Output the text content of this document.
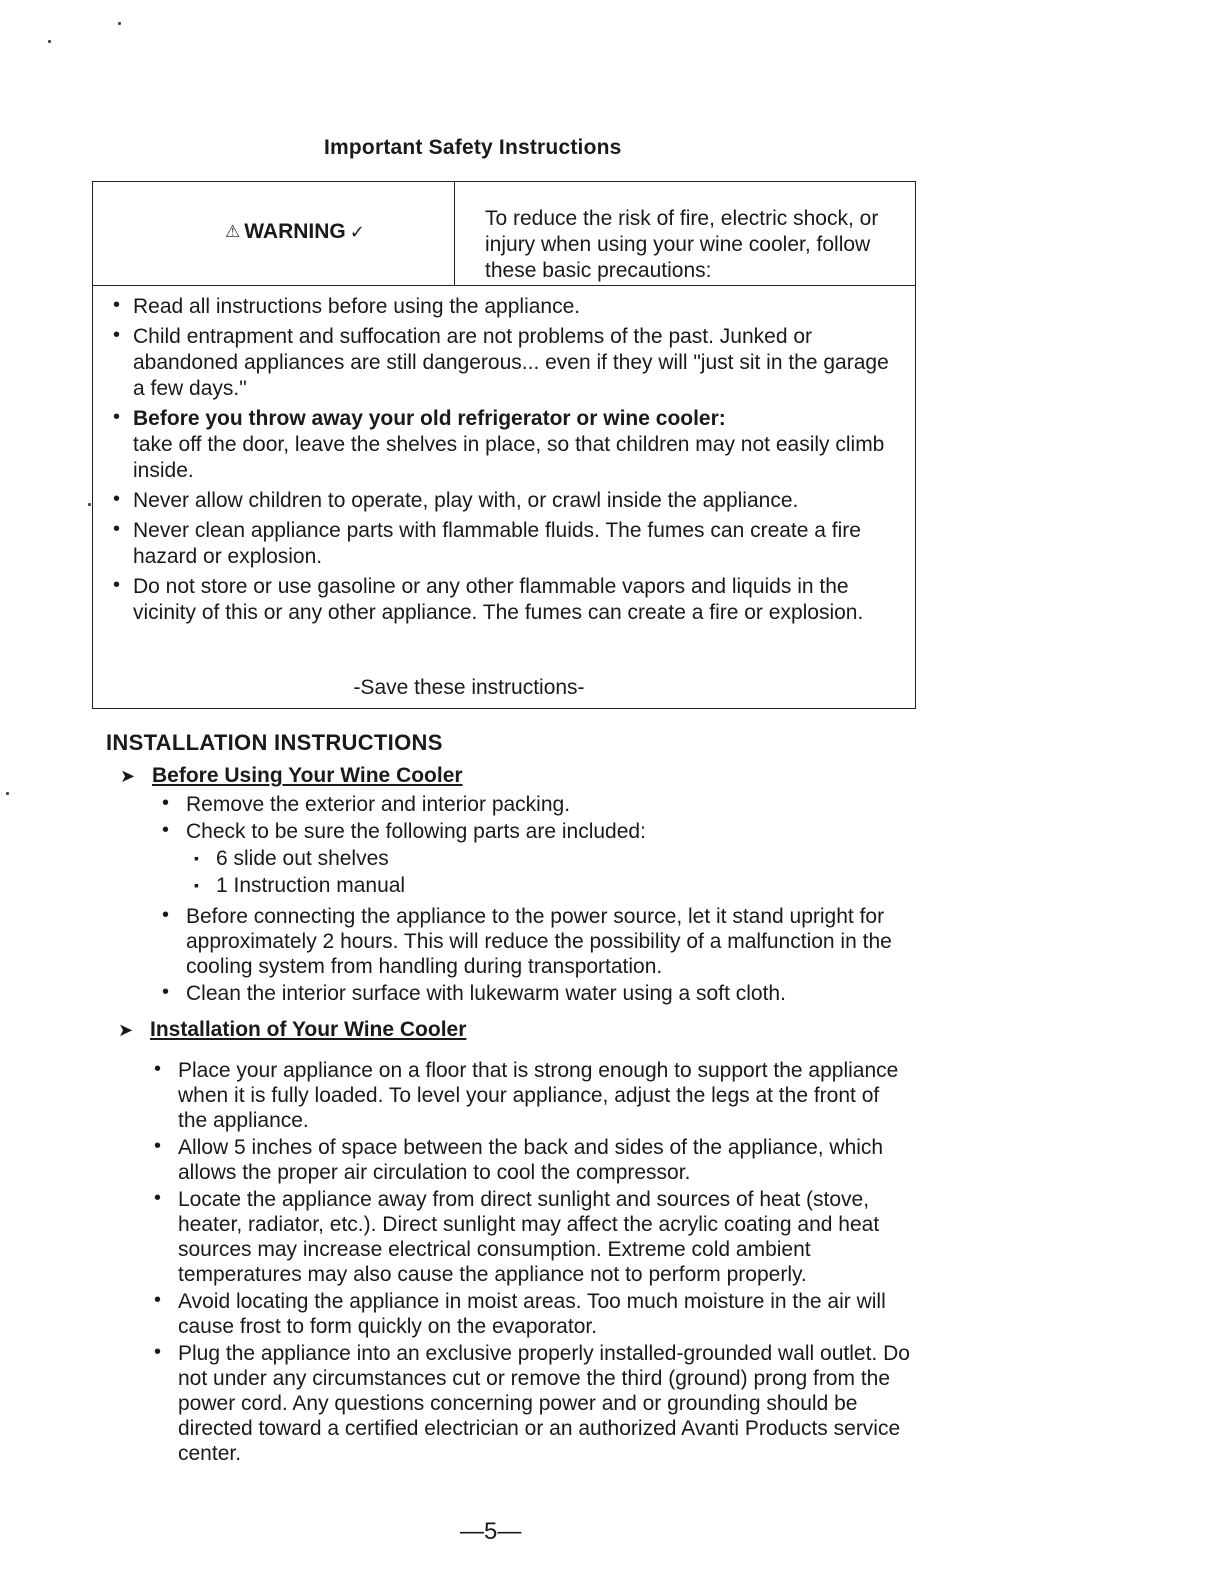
Important Safety Instructions
⚠ WARNING ✓
To reduce the risk of fire, electric shock, or injury when using your wine cooler, follow these basic precautions:
• Read all instructions before using the appliance.
• Child entrapment and suffocation are not problems of the past. Junked or abandoned appliances are still dangerous... even if they will "just sit in the garage a few days."
• Before you throw away your old refrigerator or wine cooler:
take off the door, leave the shelves in place, so that children may not easily climb inside.
• Never allow children to operate, play with, or crawl inside the appliance.
• Never clean appliance parts with flammable fluids. The fumes can create a fire hazard or explosion.
• Do not store or use gasoline or any other flammable vapors and liquids in the vicinity of this or any other appliance. The fumes can create a fire or explosion.
-Save these instructions-
INSTALLATION INSTRUCTIONS
➤ Before Using Your Wine Cooler
• Remove the exterior and interior packing.
• Check to be sure the following parts are included:
▪ 6 slide out shelves
▪ 1 Instruction manual
• Before connecting the appliance to the power source, let it stand upright for approximately 2 hours. This will reduce the possibility of a malfunction in the cooling system from handling during transportation.
• Clean the interior surface with lukewarm water using a soft cloth.
➤ Installation of Your Wine Cooler
• Place your appliance on a floor that is strong enough to support the appliance when it is fully loaded. To level your appliance, adjust the legs at the front of the appliance.
• Allow 5 inches of space between the back and sides of the appliance, which allows the proper air circulation to cool the compressor.
• Locate the appliance away from direct sunlight and sources of heat (stove, heater, radiator, etc.). Direct sunlight may affect the acrylic coating and heat sources may increase electrical consumption. Extreme cold ambient temperatures may also cause the appliance not to perform properly.
• Avoid locating the appliance in moist areas. Too much moisture in the air will cause frost to form quickly on the evaporator.
• Plug the appliance into an exclusive properly installed-grounded wall outlet. Do not under any circumstances cut or remove the third (ground) prong from the power cord. Any questions concerning power and or grounding should be directed toward a certified electrician or an authorized Avanti Products service center.
—5—
